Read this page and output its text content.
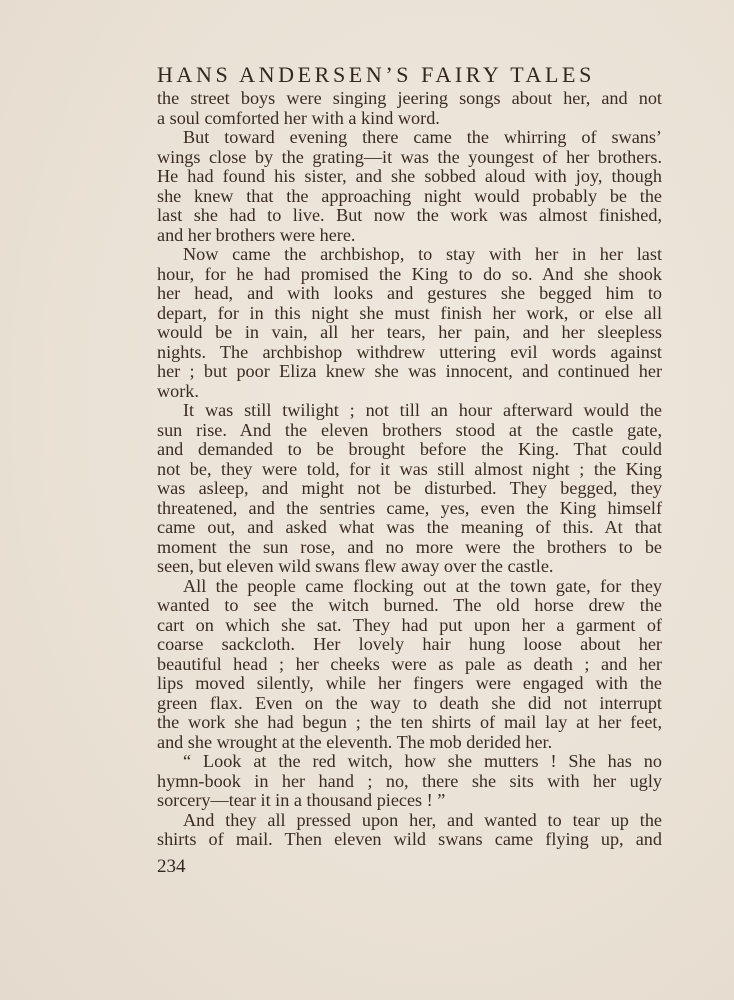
HANS ANDERSEN’S FAIRY TALES
the street boys were singing jeering songs about her, and not
a soul comforted her with a kind word.
But toward evening there came the whirring of swans’
wings close by the grating—it was the youngest of her brothers.
He had found his sister, and she sobbed aloud with joy, though
she knew that the approaching night would probably be the
last she had to live. But now the work was almost finished,
and her brothers were here.
Now came the archbishop, to stay with her in her last
hour, for he had promised the King to do so. And she shook
her head, and with looks and gestures she begged him to
depart, for in this night she must finish her work, or else all
would be in vain, all her tears, her pain, and her sleepless
nights. The archbishop withdrew uttering evil words against
her ; but poor Eliza knew she was innocent, and continued her
work.
It was still twilight ; not till an hour afterward would the
sun rise. And the eleven brothers stood at the castle gate,
and demanded to be brought before the King. That could
not be, they were told, for it was still almost night ; the King
was asleep, and might not be disturbed. They begged, they
threatened, and the sentries came, yes, even the King himself
came out, and asked what was the meaning of this. At that
moment the sun rose, and no more were the brothers to be
seen, but eleven wild swans flew away over the castle.
All the people came flocking out at the town gate, for they
wanted to see the witch burned. The old horse drew the
cart on which she sat. They had put upon her a garment of
coarse sackcloth. Her lovely hair hung loose about her
beautiful head ; her cheeks were as pale as death ; and her
lips moved silently, while her fingers were engaged with the
green flax. Even on the way to death she did not interrupt
the work she had begun ; the ten shirts of mail lay at her feet,
and she wrought at the eleventh. The mob derided her.
“ Look at the red witch, how she mutters ! She has no
hymn-book in her hand ; no, there she sits with her ugly
sorcery—tear it in a thousand pieces ! ”
And they all pressed upon her, and wanted to tear up the
shirts of mail. Then eleven wild swans came flying up, and
234
